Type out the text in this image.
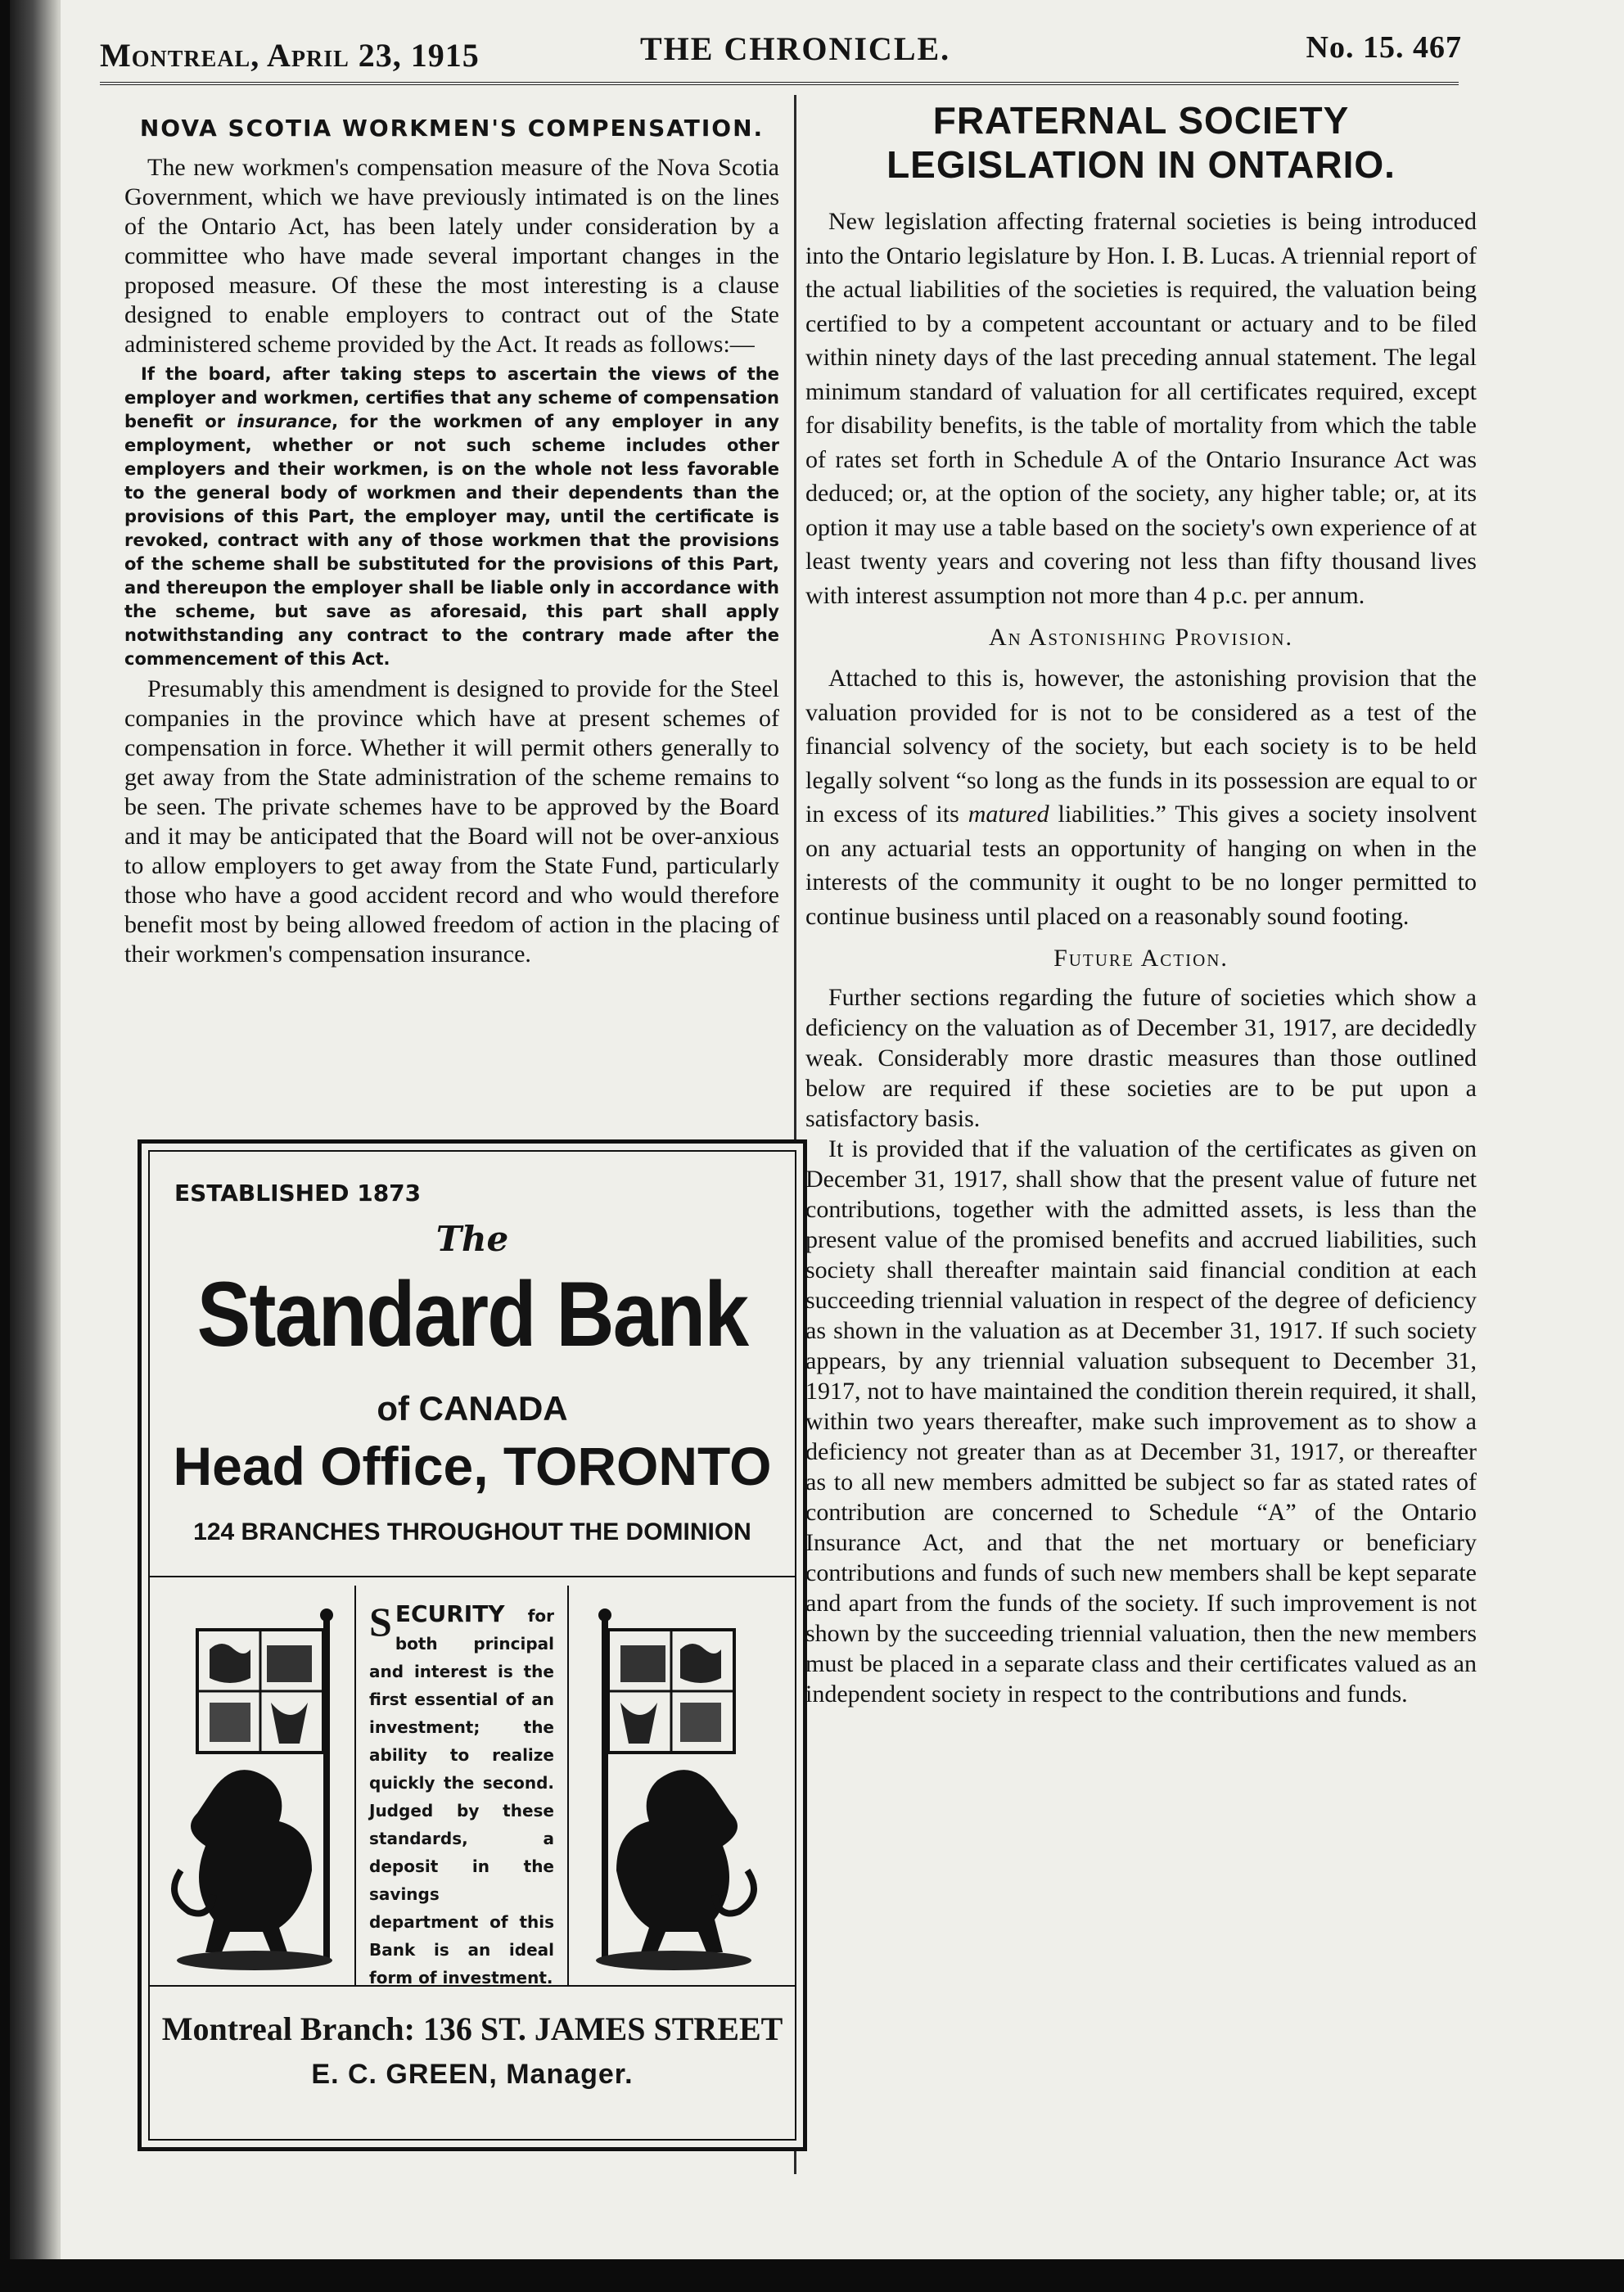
Montreal, April 23, 1915	THE CHRONICLE.	No. 15. 467
NOVA SCOTIA WORKMEN'S COMPENSATION.

The new workmen's compensation measure of the Nova Scotia Government, which we have previously intimated is on the lines of the Ontario Act, has been lately under consideration by a committee who have made several important changes in the proposed measure. Of these the most interesting is a clause designed to enable employers to contract out of the State administered scheme provided by the Act. It reads as follows:—

If the board, after taking steps to ascertain the views of the employer and workmen, certifies that any scheme of compensation benefit or insurance, for the workmen of any employer in any employment, whether or not such scheme includes other employers and their workmen, is on the whole not less favorable to the general body of workmen and their dependents than the provisions of this Part, the employer may, until the certificate is revoked, contract with any of those workmen that the provisions of the scheme shall be substituted for the provisions of this Part, and thereupon the employer shall be liable only in accordance with the scheme, but save as aforesaid, this part shall apply notwithstanding any contract to the contrary made after the commencement of this Act.

Presumably this amendment is designed to provide for the Steel companies in the province which have at present schemes of compensation in force. Whether it will permit others generally to get away from the State administration of the scheme remains to be seen. The private schemes have to be approved by the Board and it may be anticipated that the Board will not be over-anxious to allow employers to get away from the State Fund, particularly those who have a good accident record and who would therefore benefit most by being allowed freedom of action in the placing of their workmen's compensation insurance.

ESTABLISHED 1873
The
Standard Bank
of CANADA
Head Office, TORONTO
124 BRANCHES THROUGHOUT THE DOMINION
SECURITY for both principal and interest is the first essential of an investment; the ability to realize quickly the second. Judged by these standards, a deposit in the savings department of this Bank is an ideal form of investment.
Montreal Branch: 136 ST. JAMES STREET
E. C. GREEN, Manager.
FRATERNAL SOCIETY LEGISLATION IN ONTARIO.

New legislation affecting fraternal societies is being introduced into the Ontario legislature by Hon. I. B. Lucas. A triennial report of the actual liabilities of the societies is required, the valuation being certified to by a competent accountant or actuary and to be filed within ninety days of the last preceding annual statement. The legal minimum standard of valuation for all certificates required, except for disability benefits, is the table of mortality from which the table of rates set forth in Schedule A of the Ontario Insurance Act was deduced; or, at the option of the society, any higher table; or, at its option it may use a table based on the society's own experience of at least twenty years and covering not less than fifty thousand lives with interest assumption not more than 4 p.c. per annum.

An Astonishing Provision.

Attached to this is, however, the astonishing provision that the valuation provided for is not to be considered as a test of the financial solvency of the society, but each society is to be held legally solvent “so long as the funds in its possession are equal to or in excess of its matured liabilities.” This gives a society insolvent on any actuarial tests an opportunity of hanging on when in the interests of the community it ought to be no longer permitted to continue business until placed on a reasonably sound footing.

Future Action.

Further sections regarding the future of societies which show a deficiency on the valuation as of December 31, 1917, are decidedly weak. Considerably more drastic measures than those outlined below are required if these societies are to be put upon a satisfactory basis.

It is provided that if the valuation of the certificates as given on December 31, 1917, shall show that the present value of future net contributions, together with the admitted assets, is less than the present value of the promised benefits and accrued liabilities, such society shall thereafter maintain said financial condition at each succeeding triennial valuation in respect of the degree of deficiency as shown in the valuation as at December 31, 1917. If such society appears, by any triennial valuation subsequent to December 31, 1917, not to have maintained the condition therein required, it shall, within two years thereafter, make such improvement as to show a deficiency not greater than as at December 31, 1917, or thereafter as to all new members admitted be subject so far as stated rates of contribution are concerned to Schedule “A” of the Ontario Insurance Act, and that the net mortuary or beneficiary contributions and funds of such new members shall be kept separate and apart from the funds of the society. If such improvement is not shown by the succeeding triennial valuation, then the new members must be placed in a separate class and their certificates valued as an independent society in respect to the contributions and funds.
